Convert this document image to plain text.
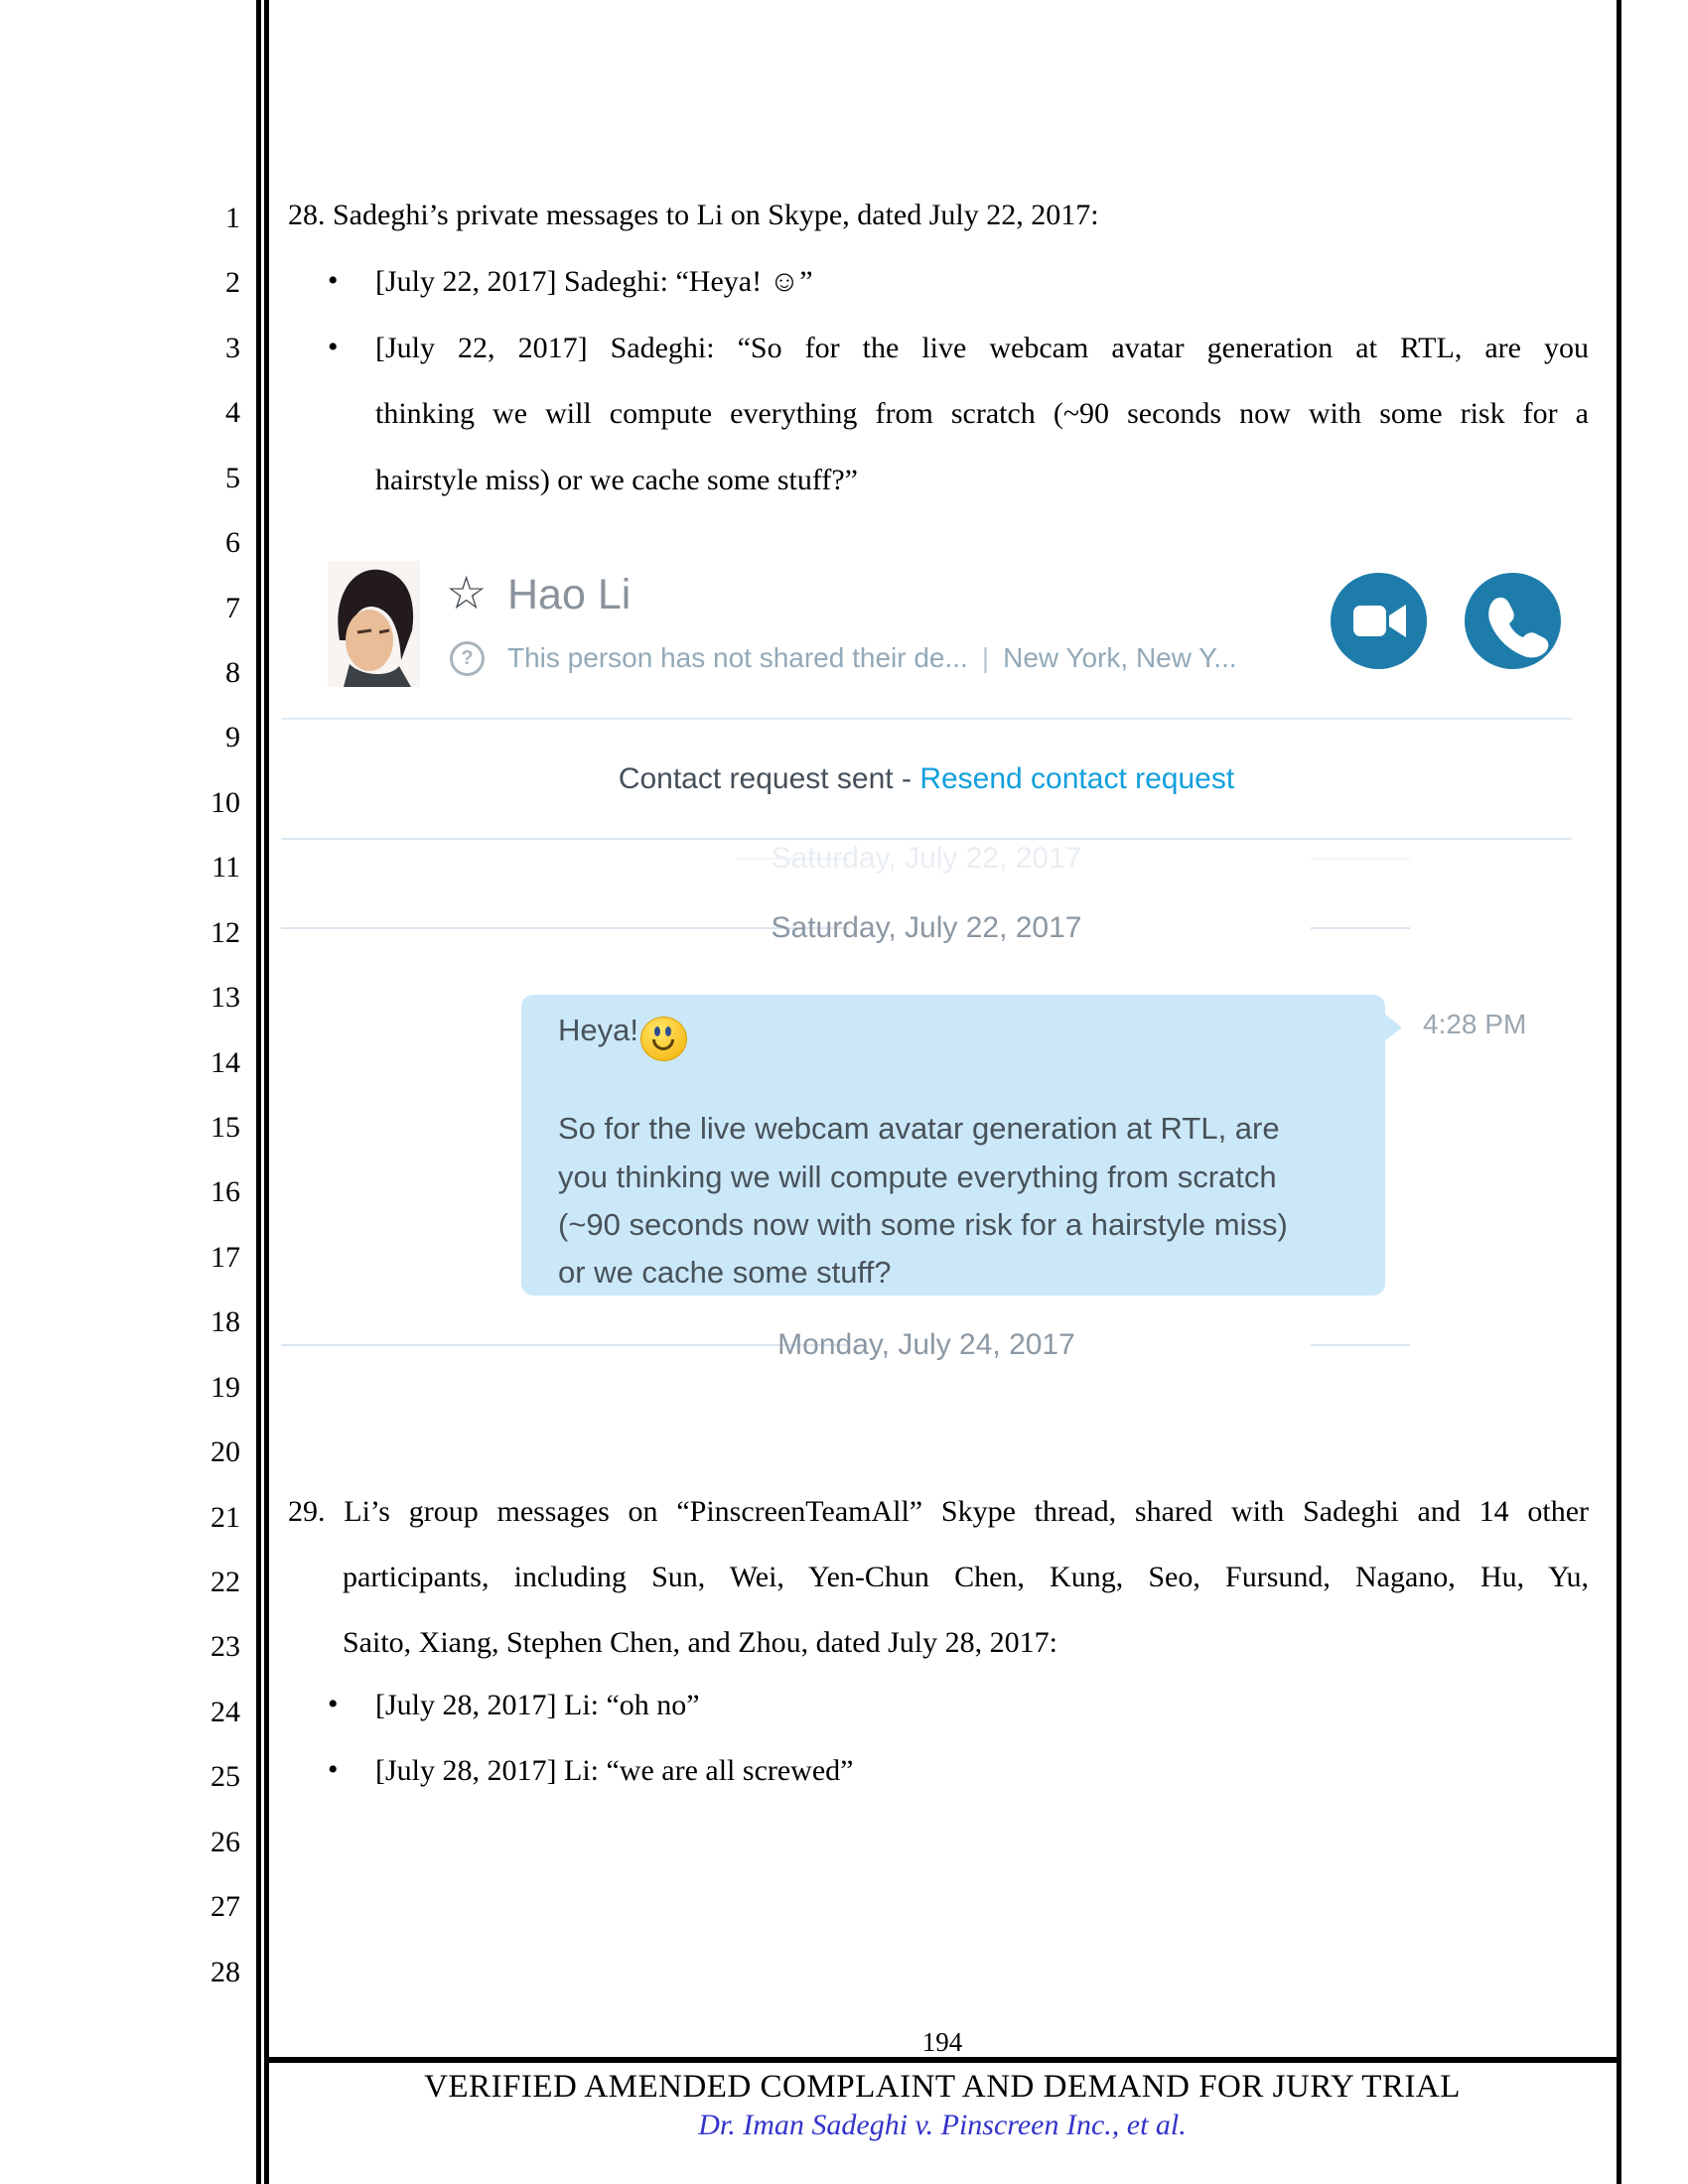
1
2
3
4
5
6
7
8
9
10
11
12
13
14
15
16
17
18
19
20
21
22
23
24
25
26
27
28
28. Sadeghi’s private messages to Li on Skype, dated July 22, 2017:
• [July 22, 2017] Sadeghi: “Heya! ☺”
• [July 22, 2017] Sadeghi: “So for the live webcam avatar generation at RTL, are you
thinking we will compute everything from scratch (~90 seconds now with some risk for a
hairstyle miss) or we cache some stuff?”
☆ Hao Li
?	This person has not shared their de... | New York, New Y...
Contact request sent - Resend contact request
Saturday, July 22, 2017
Saturday, July 22, 2017
Heya!
So for the live webcam avatar generation at RTL, are
you thinking we will compute everything from scratch
(~90 seconds now with some risk for a hairstyle miss)
or we cache some stuff?
4:28 PM
Monday, July 24, 2017
29. Li’s group messages on “PinscreenTeamAll” Skype thread, shared with Sadeghi and 14 other
participants, including Sun, Wei, Yen-Chun Chen, Kung, Seo, Fursund, Nagano, Hu, Yu,
Saito, Xiang, Stephen Chen, and Zhou, dated July 28, 2017:
• [July 28, 2017] Li: “oh no”
• [July 28, 2017] Li: “we are all screwed”
194
VERIFIED AMENDED COMPLAINT AND DEMAND FOR JURY TRIAL
Dr. Iman Sadeghi v. Pinscreen Inc., et al.
